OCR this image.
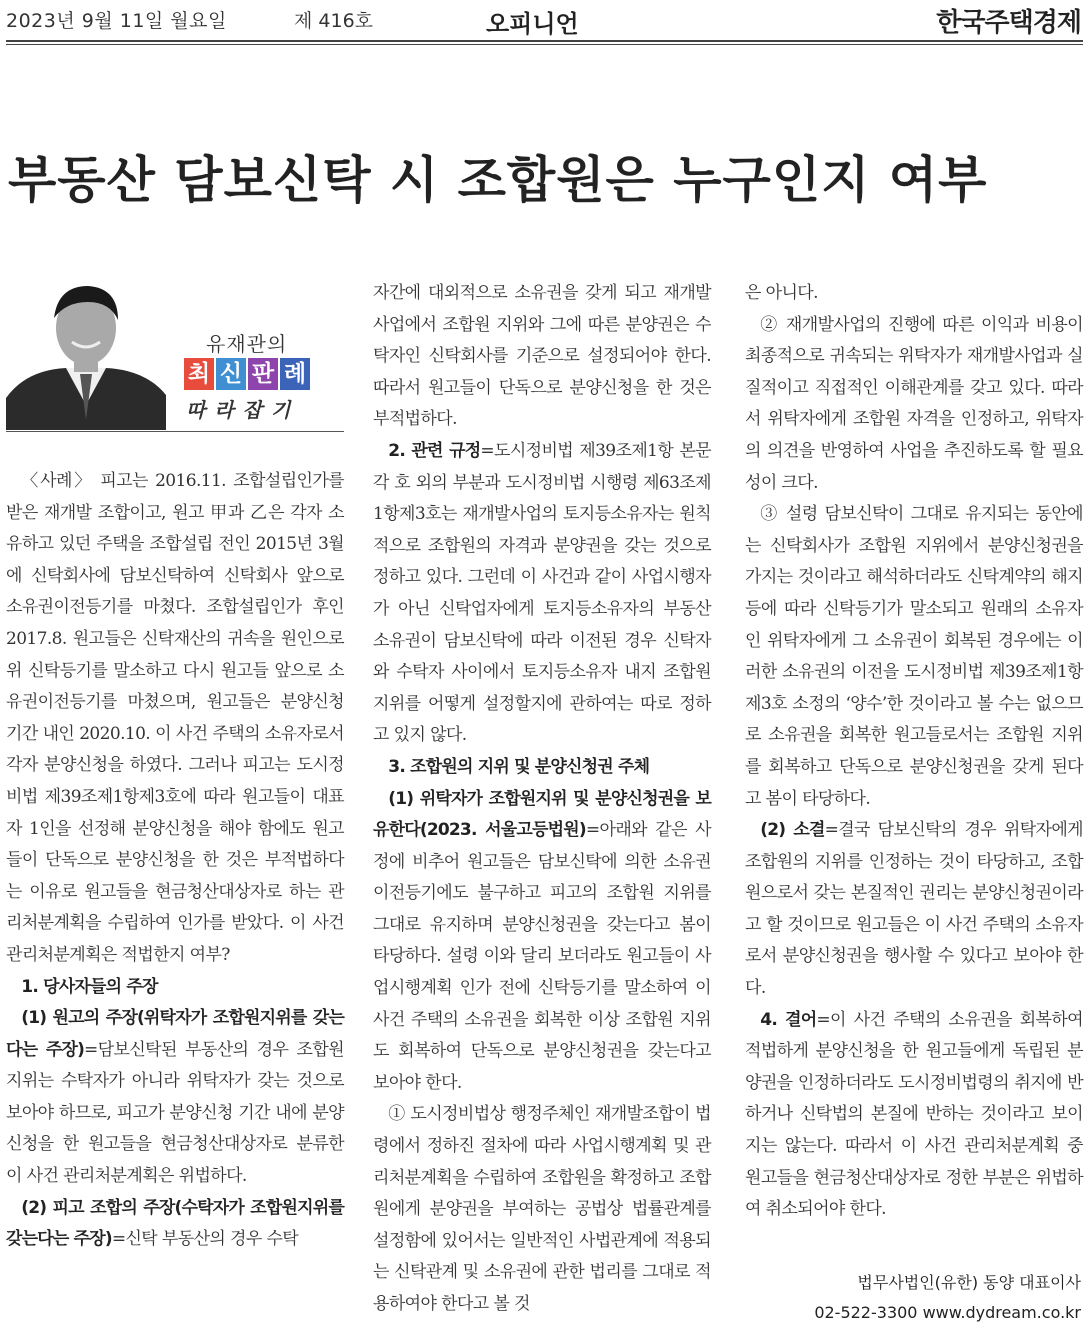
2023년 9월 11일 월요일	제 416호	오피니언	한국주택경제
부동산 담보신탁 시 조합원은 누구인지 여부
유재관의
최 신 판 례
따라잡기

〈사례〉 피고는 2016.11. 조합설립인가를 받은 재개발 조합이고, 원고 甲과 乙은 각자 소유하고 있던 주택을 조합설립 전인 2015년 3월에 신탁회사에 담보신탁하여 신탁회사 앞으로 소유권이전등기를 마쳤다. 조합설립인가 후인 2017.8. 원고들은 신탁재산의 귀속을 원인으로 위 신탁등기를 말소하고 다시 원고들 앞으로 소유권이전등기를 마쳤으며, 원고들은 분양신청 기간 내인 2020.10. 이 사건 주택의 소유자로서 각자 분양신청을 하였다. 그러나 피고는 도시정비법 제39조제1항제3호에 따라 원고들이 대표자 1인을 선정해 분양신청을 해야 함에도 원고들이 단독으로 분양신청을 한 것은 부적법하다는 이유로 원고들을 현금청산대상자로 하는 관리처분계획을 수립하여 인가를 받았다. 이 사건 관리처분계획은 적법한지 여부?

1. 당사자들의 주장

(1) 원고의 주장(위탁자가 조합원지위를 갖는다는 주장)=담보신탁된 부동산의 경우 조합원 지위는 수탁자가 아니라 위탁자가 갖는 것으로 보아야 하므로, 피고가 분양신청 기간 내에 분양신청을 한 원고들을 현금청산대상자로 분류한 이 사건 관리처분계획은 위법하다.

(2) 피고 조합의 주장(수탁자가 조합원지위를 갖는다는 주장)=신탁 부동산의 경우 수탁

자간에 대외적으로 소유권을 갖게 되고 재개발사업에서 조합원 지위와 그에 따른 분양권은 수탁자인 신탁회사를 기준으로 설정되어야 한다. 따라서 원고들이 단독으로 분양신청을 한 것은 부적법하다.

2. 관련 규정=도시정비법 제39조제1항 본문 각 호 외의 부분과 도시정비법 시행령 제63조제1항제3호는 재개발사업의 토지등소유자는 원칙적으로 조합원의 자격과 분양권을 갖는 것으로 정하고 있다. 그런데 이 사건과 같이 사업시행자가 아닌 신탁업자에게 토지등소유자의 부동산 소유권이 담보신탁에 따라 이전된 경우 신탁자와 수탁자 사이에서 토지등소유자 내지 조합원 지위를 어떻게 설정할지에 관하여는 따로 정하고 있지 않다.

3. 조합원의 지위 및 분양신청권 주체

(1) 위탁자가 조합원지위 및 분양신청권을 보유한다(2023. 서울고등법원)=아래와 같은 사정에 비추어 원고들은 담보신탁에 의한 소유권이전등기에도 불구하고 피고의 조합원 지위를 그대로 유지하며 분양신청권을 갖는다고 봄이 타당하다. 설령 이와 달리 보더라도 원고들이 사업시행계획 인가 전에 신탁등기를 말소하여 이 사건 주택의 소유권을 회복한 이상 조합원 지위도 회복하여 단독으로 분양신청권을 갖는다고 보아야 한다.

① 도시정비법상 행정주체인 재개발조합이 법령에서 정하진 절차에 따라 사업시행계획 및 관리처분계획을 수립하여 조합원을 확정하고 조합원에게 분양권을 부여하는 공법상 법률관계를 설정함에 있어서는 일반적인 사법관계에 적용되는 신탁관계 및 소유권에 관한 법리를 그대로 적용하여야 한다고 볼 것

은 아니다.

② 재개발사업의 진행에 따른 이익과 비용이 최종적으로 귀속되는 위탁자가 재개발사업과 실질적이고 직접적인 이해관계를 갖고 있다. 따라서 위탁자에게 조합원 자격을 인정하고, 위탁자의 의견을 반영하여 사업을 추진하도록 할 필요성이 크다.

③ 설령 담보신탁이 그대로 유지되는 동안에는 신탁회사가 조합원 지위에서 분양신청권을 가지는 것이라고 해석하더라도 신탁계약의 해지 등에 따라 신탁등기가 말소되고 원래의 소유자인 위탁자에게 그 소유권이 회복된 경우에는 이러한 소유권의 이전을 도시정비법 제39조제1항제3호 소정의 ‘양수’한 것이라고 볼 수는 없으므로 소유권을 회복한 원고들로서는 조합원 지위를 회복하고 단독으로 분양신청권을 갖게 된다고 봄이 타당하다.

(2) 소결=결국 담보신탁의 경우 위탁자에게 조합원의 지위를 인정하는 것이 타당하고, 조합원으로서 갖는 본질적인 권리는 분양신청권이라고 할 것이므로 원고들은 이 사건 주택의 소유자로서 분양신청권을 행사할 수 있다고 보아야 한다.

4. 결어=이 사건 주택의 소유권을 회복하여 적법하게 분양신청을 한 원고들에게 독립된 분양권을 인정하더라도 도시정비법령의 취지에 반하거나 신탁법의 본질에 반하는 것이라고 보이지는 않는다. 따라서 이 사건 관리처분계획 중 원고들을 현금청산대상자로 정한 부분은 위법하여 취소되어야 한다.

법무사법인(유한) 동양 대표이사
02-522-3300 www.dydream.co.kr
